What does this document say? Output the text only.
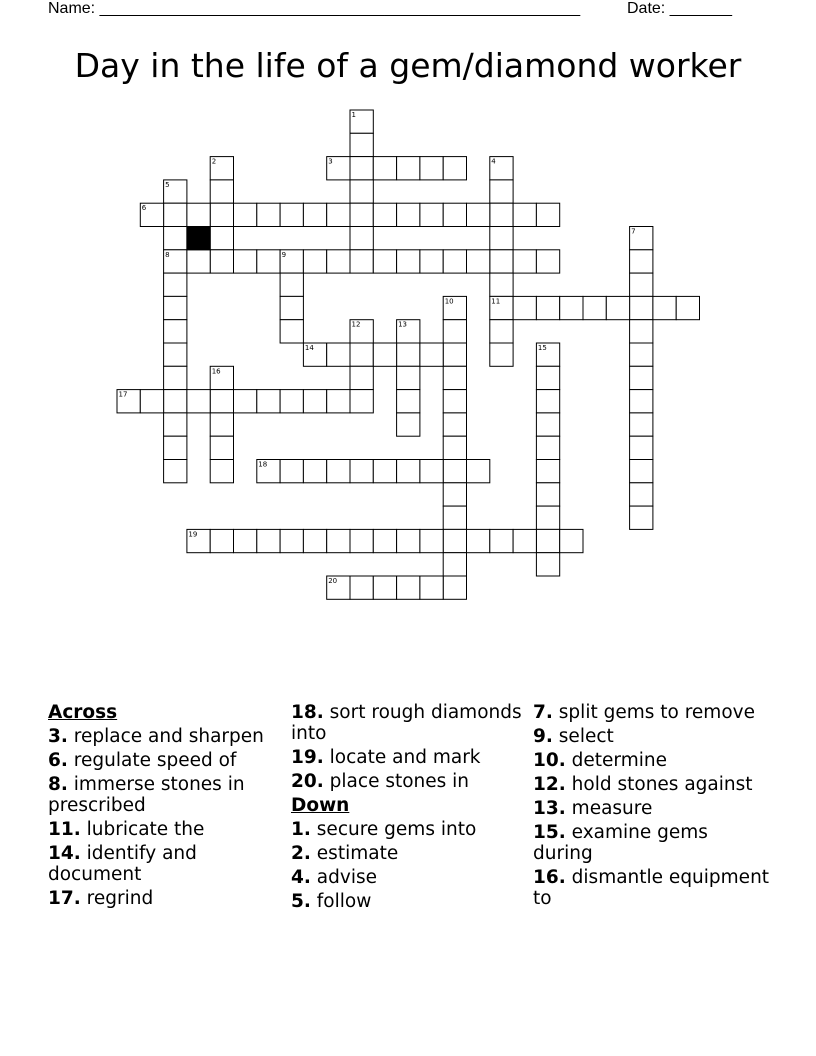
Name: ______________________________________________________	Date: _______
Day in the life of a gem/diamond worker
1
2	3	4
5
6
7
8	9
10	11
12	13
14	15
16
17
18
19
20
Across
3. replace and sharpen
6. regulate speed of
8. immerse stones in prescribed
11. lubricate the
14. identify and document
17. regrind
18. sort rough diamonds into
19. locate and mark
20. place stones in
Down
1. secure gems into
2. estimate
4. advise
5. follow
7. split gems to remove
9. select
10. determine
12. hold stones against
13. measure
15. examine gems during
16. dismantle equipment to
